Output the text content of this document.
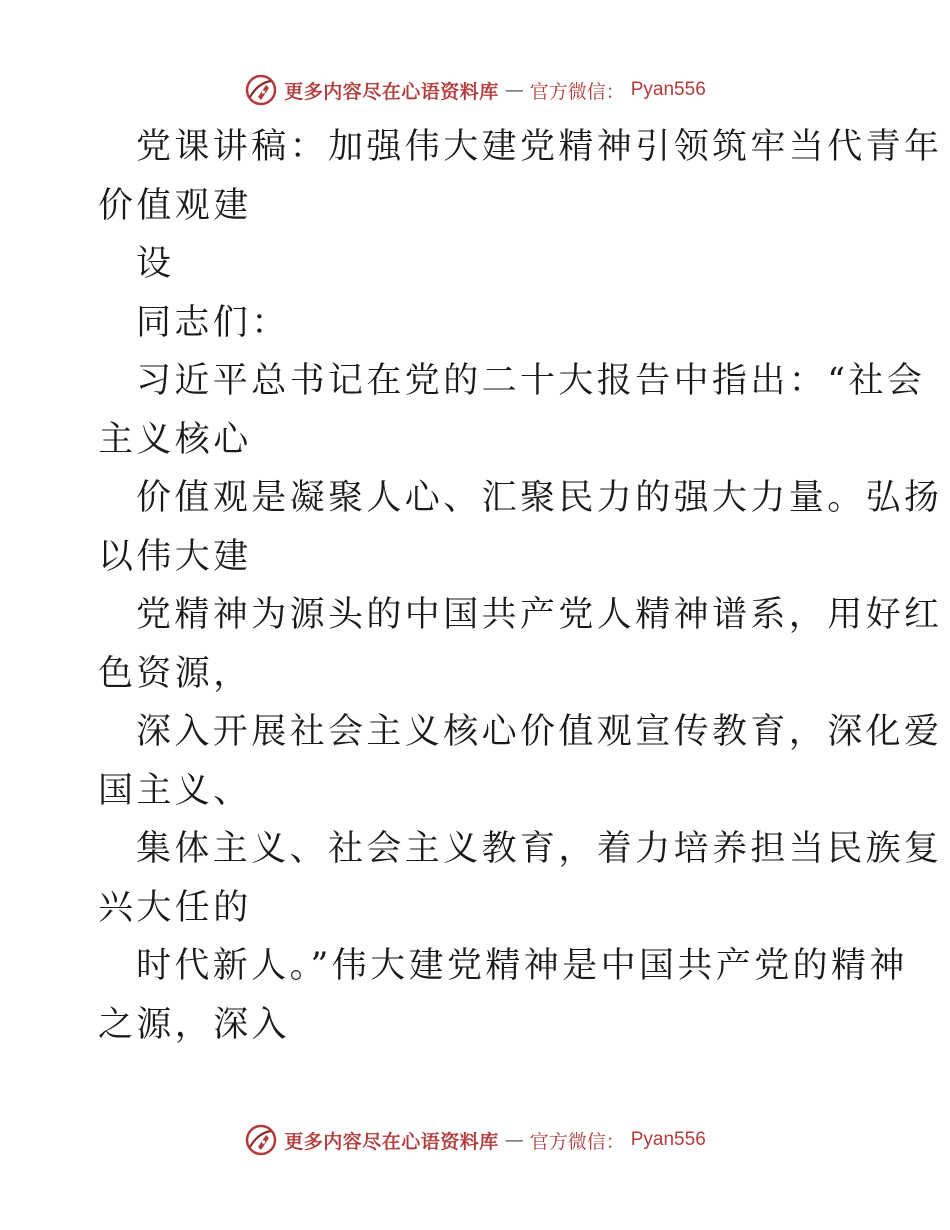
更多内容尽在心语资料库 — 官方微信： Pyan556
党课讲稿：加强伟大建党精神引领筑牢当代青年
价值观建
设
同志们：
习近平总书记在党的二十大报告中指出：“社会
主义核心
价值观是凝聚人心、汇聚民力的强大力量。弘扬
以伟大建
党精神为源头的中国共产党人精神谱系，用好红
色资源，
深入开展社会主义核心价值观宣传教育，深化爱
国主义、
集体主义、社会主义教育，着力培养担当民族复
兴大任的
时代新人。”伟大建党精神是中国共产党的精神
之源，深入
更多内容尽在心语资料库 — 官方微信： Pyan556
